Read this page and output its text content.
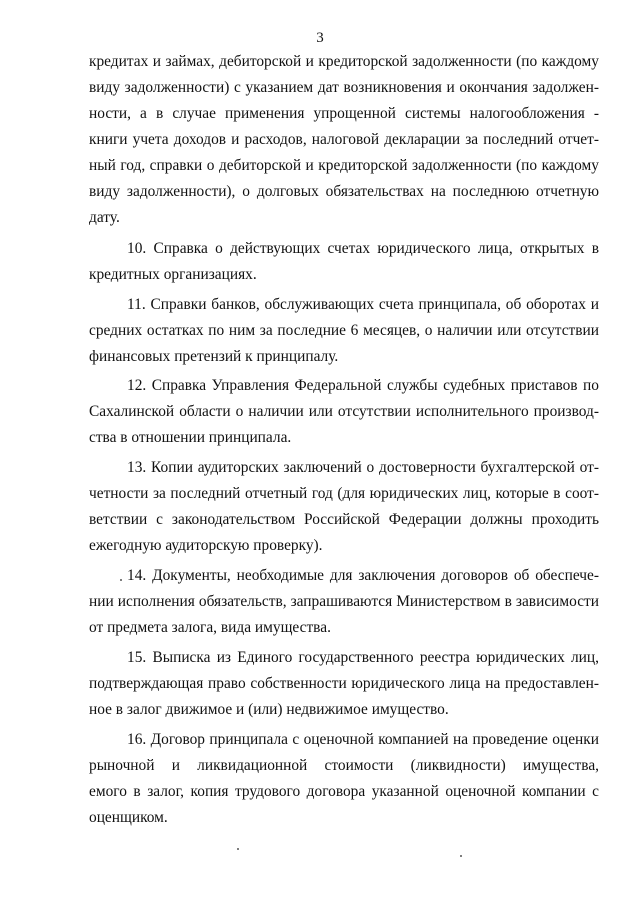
3
кредитах и займах, дебиторской и кредиторской задолженности (по каждому
виду задолженности) с указанием дат возникновения и окончания задолжен-
ности, а в случае применения упрощенной системы налогообложения -
книги учета доходов и расходов, налоговой декларации за последний отчет-
ный год, справки о дебиторской и кредиторской задолженности (по каждому
виду задолженности), о долговых обязательствах на последнюю отчетную
дату.
10. Справка о действующих счетах юридического лица, открытых в
кредитных организациях.
11. Справки банков, обслуживающих счета принципала, об оборотах и
средних остатках по ним за последние 6 месяцев, о наличии или отсутствии
финансовых претензий к принципалу.
12. Справка Управления Федеральной службы судебных приставов по
Сахалинской области о наличии или отсутствии исполнительного производ-
ства в отношении принципала.
13. Копии аудиторских заключений о достоверности бухгалтерской от-
четности за последний отчетный год (для юридических лиц, которые в соот-
ветствии с законодательством Российской Федерации должны проходить
ежегодную аудиторскую проверку).
14. Документы, необходимые для заключения договоров об обеспече-
нии исполнения обязательств, запрашиваются Министерством в зависимости
от предмета залога, вида имущества.
15. Выписка из Единого государственного реестра юридических лиц,
подтверждающая право собственности юридического лица на предоставлен-
ное в залог движимое и (или) недвижимое имущество.
16. Договор принципала с оценочной компанией на проведение оценки
рыночной и ликвидационной стоимости (ликвидности) имущества,
емого в залог, копия трудового договора указанной оценочной компании с
оценщиком.
